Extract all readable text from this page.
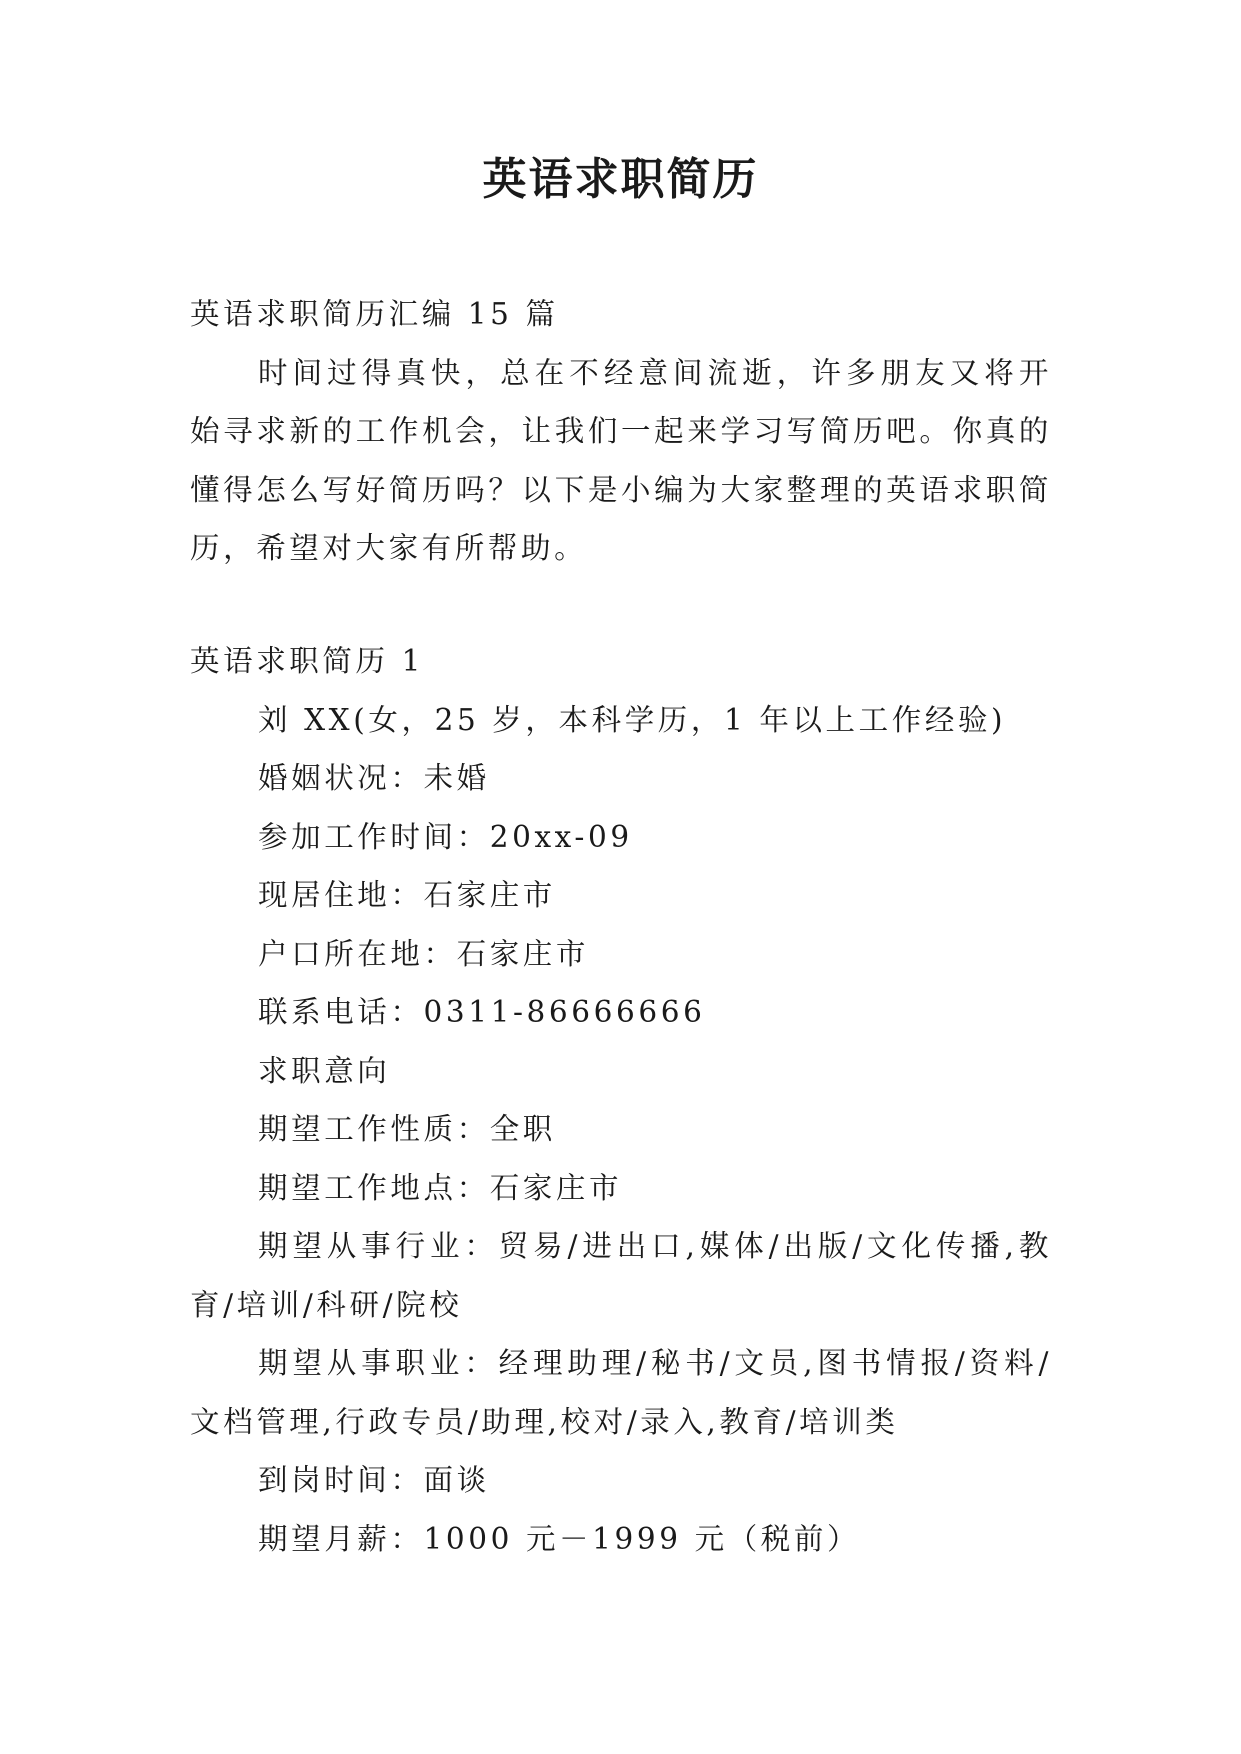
英语求职简历

英语求职简历汇编 15 篇

时间过得真快，总在不经意间流逝，许多朋友又将开始寻求新的工作机会，让我们一起来学习写简历吧。你真的懂得怎么写好简历吗？以下是小编为大家整理的英语求职简历，希望对大家有所帮助。

英语求职简历 1

刘 XX(女，25 岁，本科学历，1 年以上工作经验)

婚姻状况：未婚

参加工作时间：20xx-09

现居住地：石家庄市

户口所在地：石家庄市

联系电话：0311-86666666

求职意向

期望工作性质：全职

期望工作地点：石家庄市

期望从事行业：贸易/进出口,媒体/出版/文化传播,教育/培训/科研/院校

期望从事职业：经理助理/秘书/文员,图书情报/资料/文档管理,行政专员/助理,校对/录入,教育/培训类

到岗时间：面谈

期望月薪：1000 元－1999 元（税前）
